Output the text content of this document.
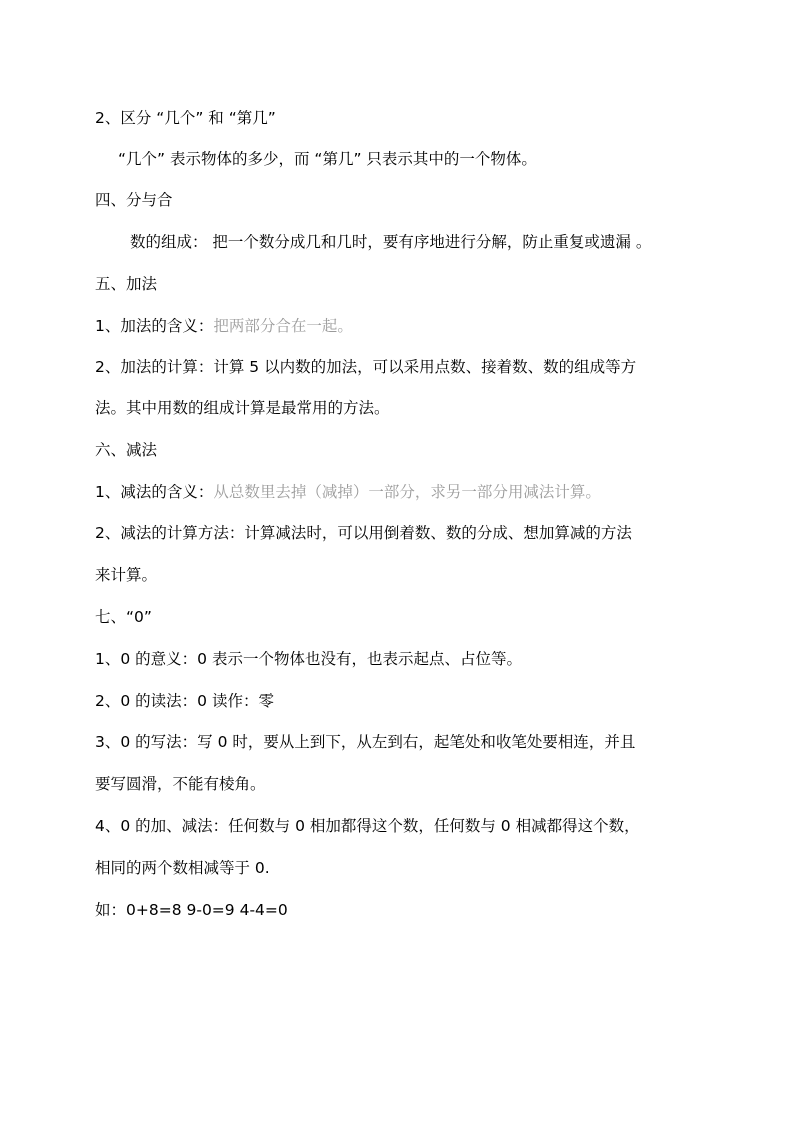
2、区分 “几个” 和 “第几”
“几个” 表示物体的多少，而 “第几” 只表示其中的一个物体。
四、分与合
数的组成： 把一个数分成几和几时，要有序地进行分解，防止重复或遗漏 。
五、加法
1、加法的含义：把两部分合在一起。
2、加法的计算：计算 5 以内数的加法，可以采用点数、接着数、数的组成等方
法。其中用数的组成计算是最常用的方法。
六、减法
1、减法的含义：从总数里去掉（减掉）一部分，求另一部分用减法计算。
2、减法的计算方法：计算减法时，可以用倒着数、数的分成、想加算减的方法
来计算。
七、“0”
1、0 的意义：0 表示一个物体也没有，也表示起点、占位等。
2、0 的读法：0 读作：零
3、0 的写法：写 0 时，要从上到下，从左到右，起笔处和收笔处要相连，并且
要写圆滑，不能有棱角。
4、0 的加、减法：任何数与 0 相加都得这个数，任何数与 0 相减都得这个数，
相同的两个数相减等于 0.
如：0+8=8 9-0=9 4-4=0
